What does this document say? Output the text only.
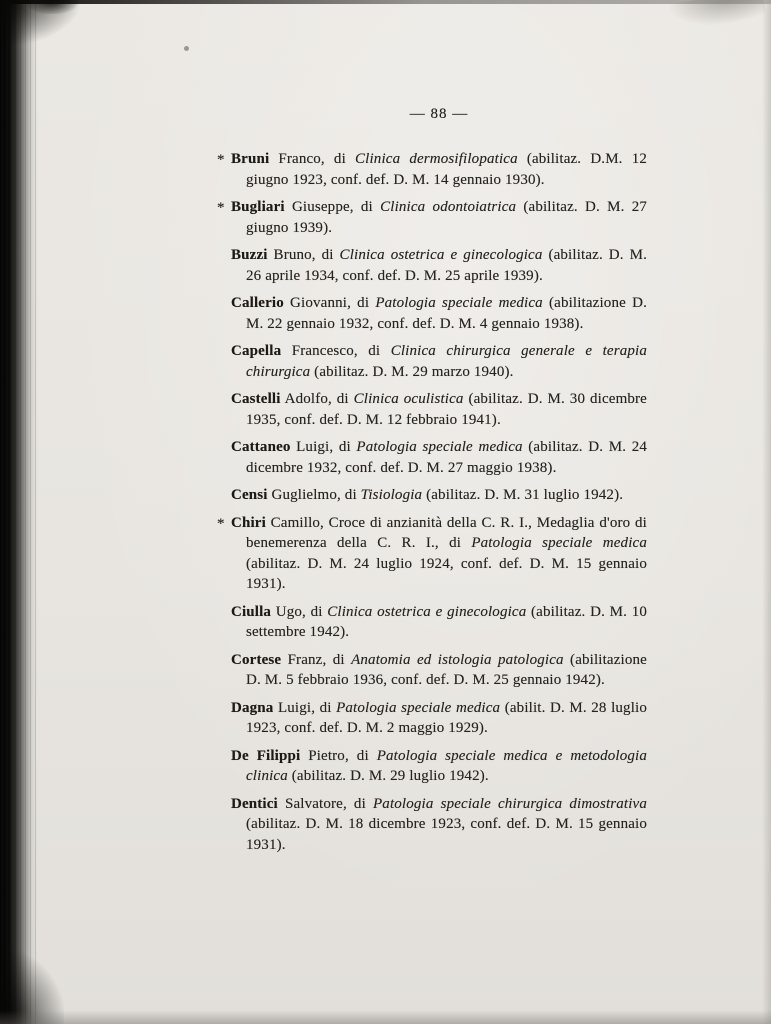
— 88 —
* Bruni Franco, di Clinica dermosifilopatica (abilitaz. D.M. 12 giugno 1923, conf. def. D. M. 14 gennaio 1930).
* Bugliari Giuseppe, di Clinica odontoiatrica (abilitaz. D. M. 27 giugno 1939).
Buzzi Bruno, di Clinica ostetrica e ginecologica (abilitaz. D. M. 26 aprile 1934, conf. def. D. M. 25 aprile 1939).
Callerio Giovanni, di Patologia speciale medica (abilitazione D. M. 22 gennaio 1932, conf. def. D. M. 4 gennaio 1938).
Capella Francesco, di Clinica chirurgica generale e terapia chirurgica (abilitaz. D. M. 29 marzo 1940).
Castelli Adolfo, di Clinica oculistica (abilitaz. D. M. 30 dicembre 1935, conf. def. D. M. 12 febbraio 1941).
Cattaneo Luigi, di Patologia speciale medica (abilitaz. D. M. 24 dicembre 1932, conf. def. D. M. 27 maggio 1938).
Censi Guglielmo, di Tisiologia (abilitaz. D. M. 31 luglio 1942).
* Chiri Camillo, Croce di anzianità della C. R. I., Medaglia d'oro di benemerenza della C. R. I., di Patologia speciale medica (abilitaz. D. M. 24 luglio 1924, conf. def. D. M. 15 gennaio 1931).
Ciulla Ugo, di Clinica ostetrica e ginecologica (abilitaz. D. M. 10 settembre 1942).
Cortese Franz, di Anatomia ed istologia patologica (abilitazione D. M. 5 febbraio 1936, conf. def. D. M. 25 gennaio 1942).
Dagna Luigi, di Patologia speciale medica (abilit. D. M. 28 luglio 1923, conf. def. D. M. 2 maggio 1929).
De Filippi Pietro, di Patologia speciale medica e metodologia clinica (abilitaz. D. M. 29 luglio 1942).
Dentici Salvatore, di Patologia speciale chirurgica dimostrativa (abilitaz. D. M. 18 dicembre 1923, conf. def. D. M. 15 gennaio 1931).
